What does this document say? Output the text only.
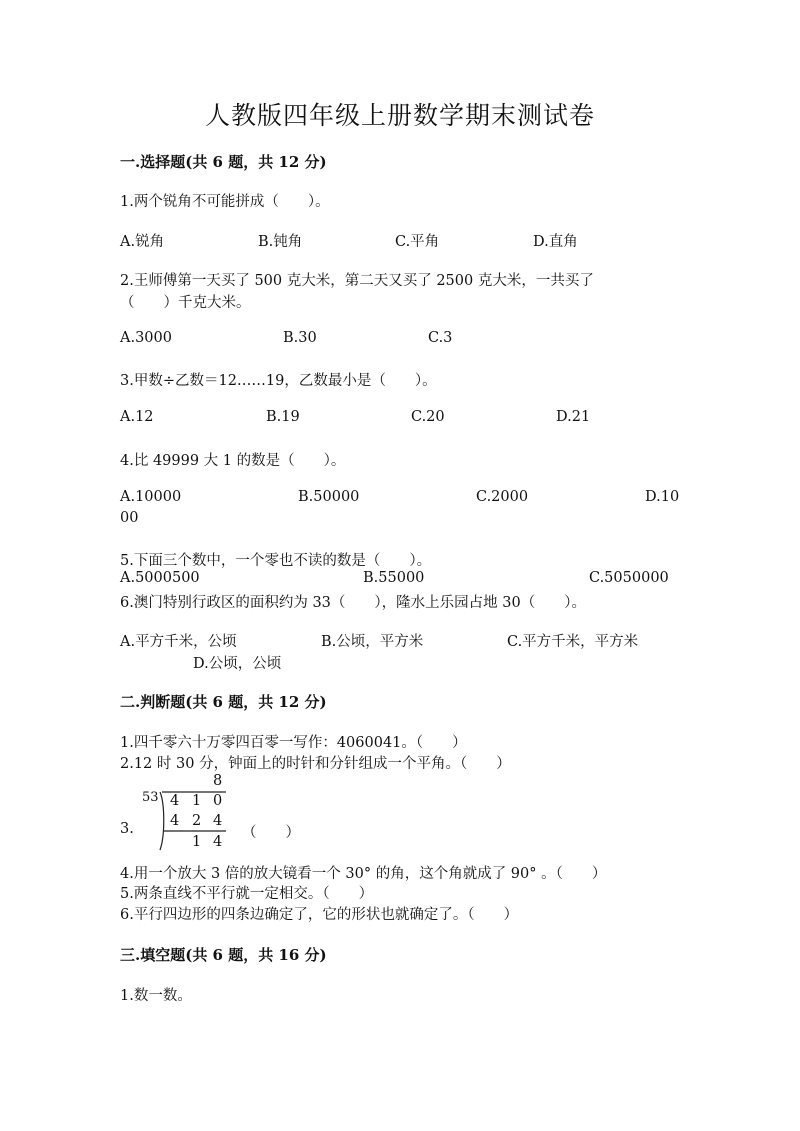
人教版四年级上册数学期末测试卷
一.选择题(共 6 题，共 12 分)
1.两个锐角不可能拼成（　　）。
A.锐角	B.钝角	C.平角	D.直角
2.王师傅第一天买了 500 克大米，第二天又买了 2500 克大米，一共买了
（　　）千克大米。
A.3000	B.30	C.3
3.甲数÷乙数＝12……19，乙数最小是（　　）。
A.12	B.19	C.20	D.21
4.比 49999 大 1 的数是（　　）。
A.10000	B.50000	C.2000	D.10
00
5.下面三个数中，一个零也不读的数是（　　）。
A.5000500	B.55000	C.5050000
6.澳门特别行政区的面积约为 33（　　），隆水上乐园占地 30（　　）。
A.平方千米，公顷	B.公顷，平方米	C.平方千米，平方米
D.公顷，公顷
二.判断题(共 6 题，共 12 分)
1.四千零六十万零四百零一写作：4060041。（　　）
2.12 时 30 分，钟面上的时针和分针组成一个平角。（　　）
3.
53
8
4 1 0
4 2 4
1 4
（　　）
4.用一个放大 3 倍的放大镜看一个 30° 的角，这个角就成了 90° 。（　　）
5.两条直线不平行就一定相交。（　　）
6.平行四边形的四条边确定了，它的形状也就确定了。（　　）
三.填空题(共 6 题，共 16 分)
1.数一数。
